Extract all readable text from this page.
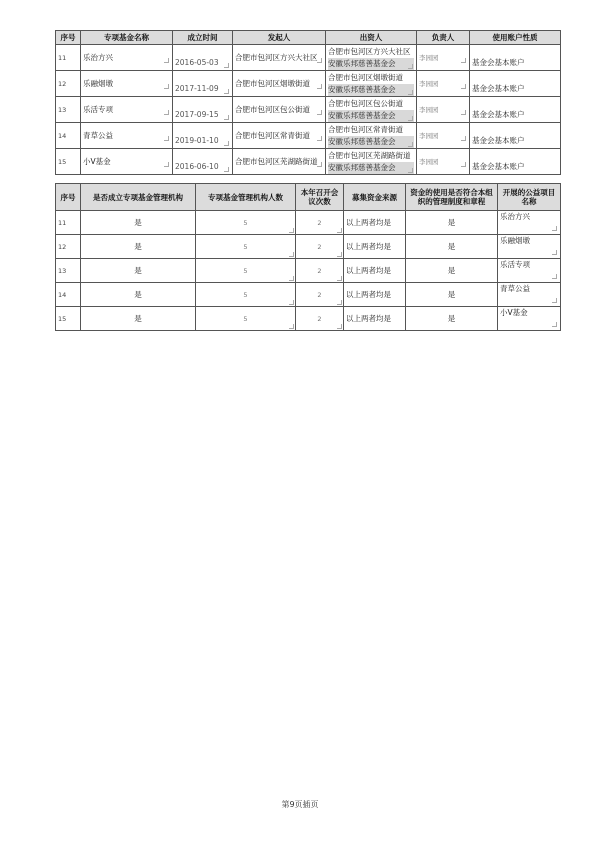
序号	专项基金名称	成立时间	发起人	出资人	负责人	使用账户性质
11	乐治方兴	2016-05-03	合肥市包河区方兴大社区	合肥市包河区方兴大社区
安徽乐邦慈善基金会	李园园	基金会基本账户

12	乐融烟墩	2017-11-09	合肥市包河区烟墩街道	合肥市包河区烟墩街道
安徽乐邦慈善基金会	李园园	基金会基本账户

13	乐活专项	2017-09-15	合肥市包河区包公街道	合肥市包河区包公街道
安徽乐邦慈善基金会	李园园	基金会基本账户

14	青草公益	2019-01-10	合肥市包河区常青街道	合肥市包河区常青街道
安徽乐邦慈善基金会	李园园	基金会基本账户

15	小V基金	2016-06-10	合肥市包河区芜湖路街道	合肥市包河区芜湖路街道
安徽乐邦慈善基金会	李园园	基金会基本账户
序号	是否成立专项基金管理机构	专项基金管理机构人数	本年召开会议次数	募集资金来源	资金的使用是否符合本组织的管理制度和章程	开展的公益项目名称
11	是	5	2	以上两者均是	是	乐治方兴

12	是	5	2	以上两者均是	是	乐融烟墩

13	是	5	2	以上两者均是	是	乐活专项

14	是	5	2	以上两者均是	是	青草公益

15	是	5	2	以上两者均是	是	小V基金
第9页插页
